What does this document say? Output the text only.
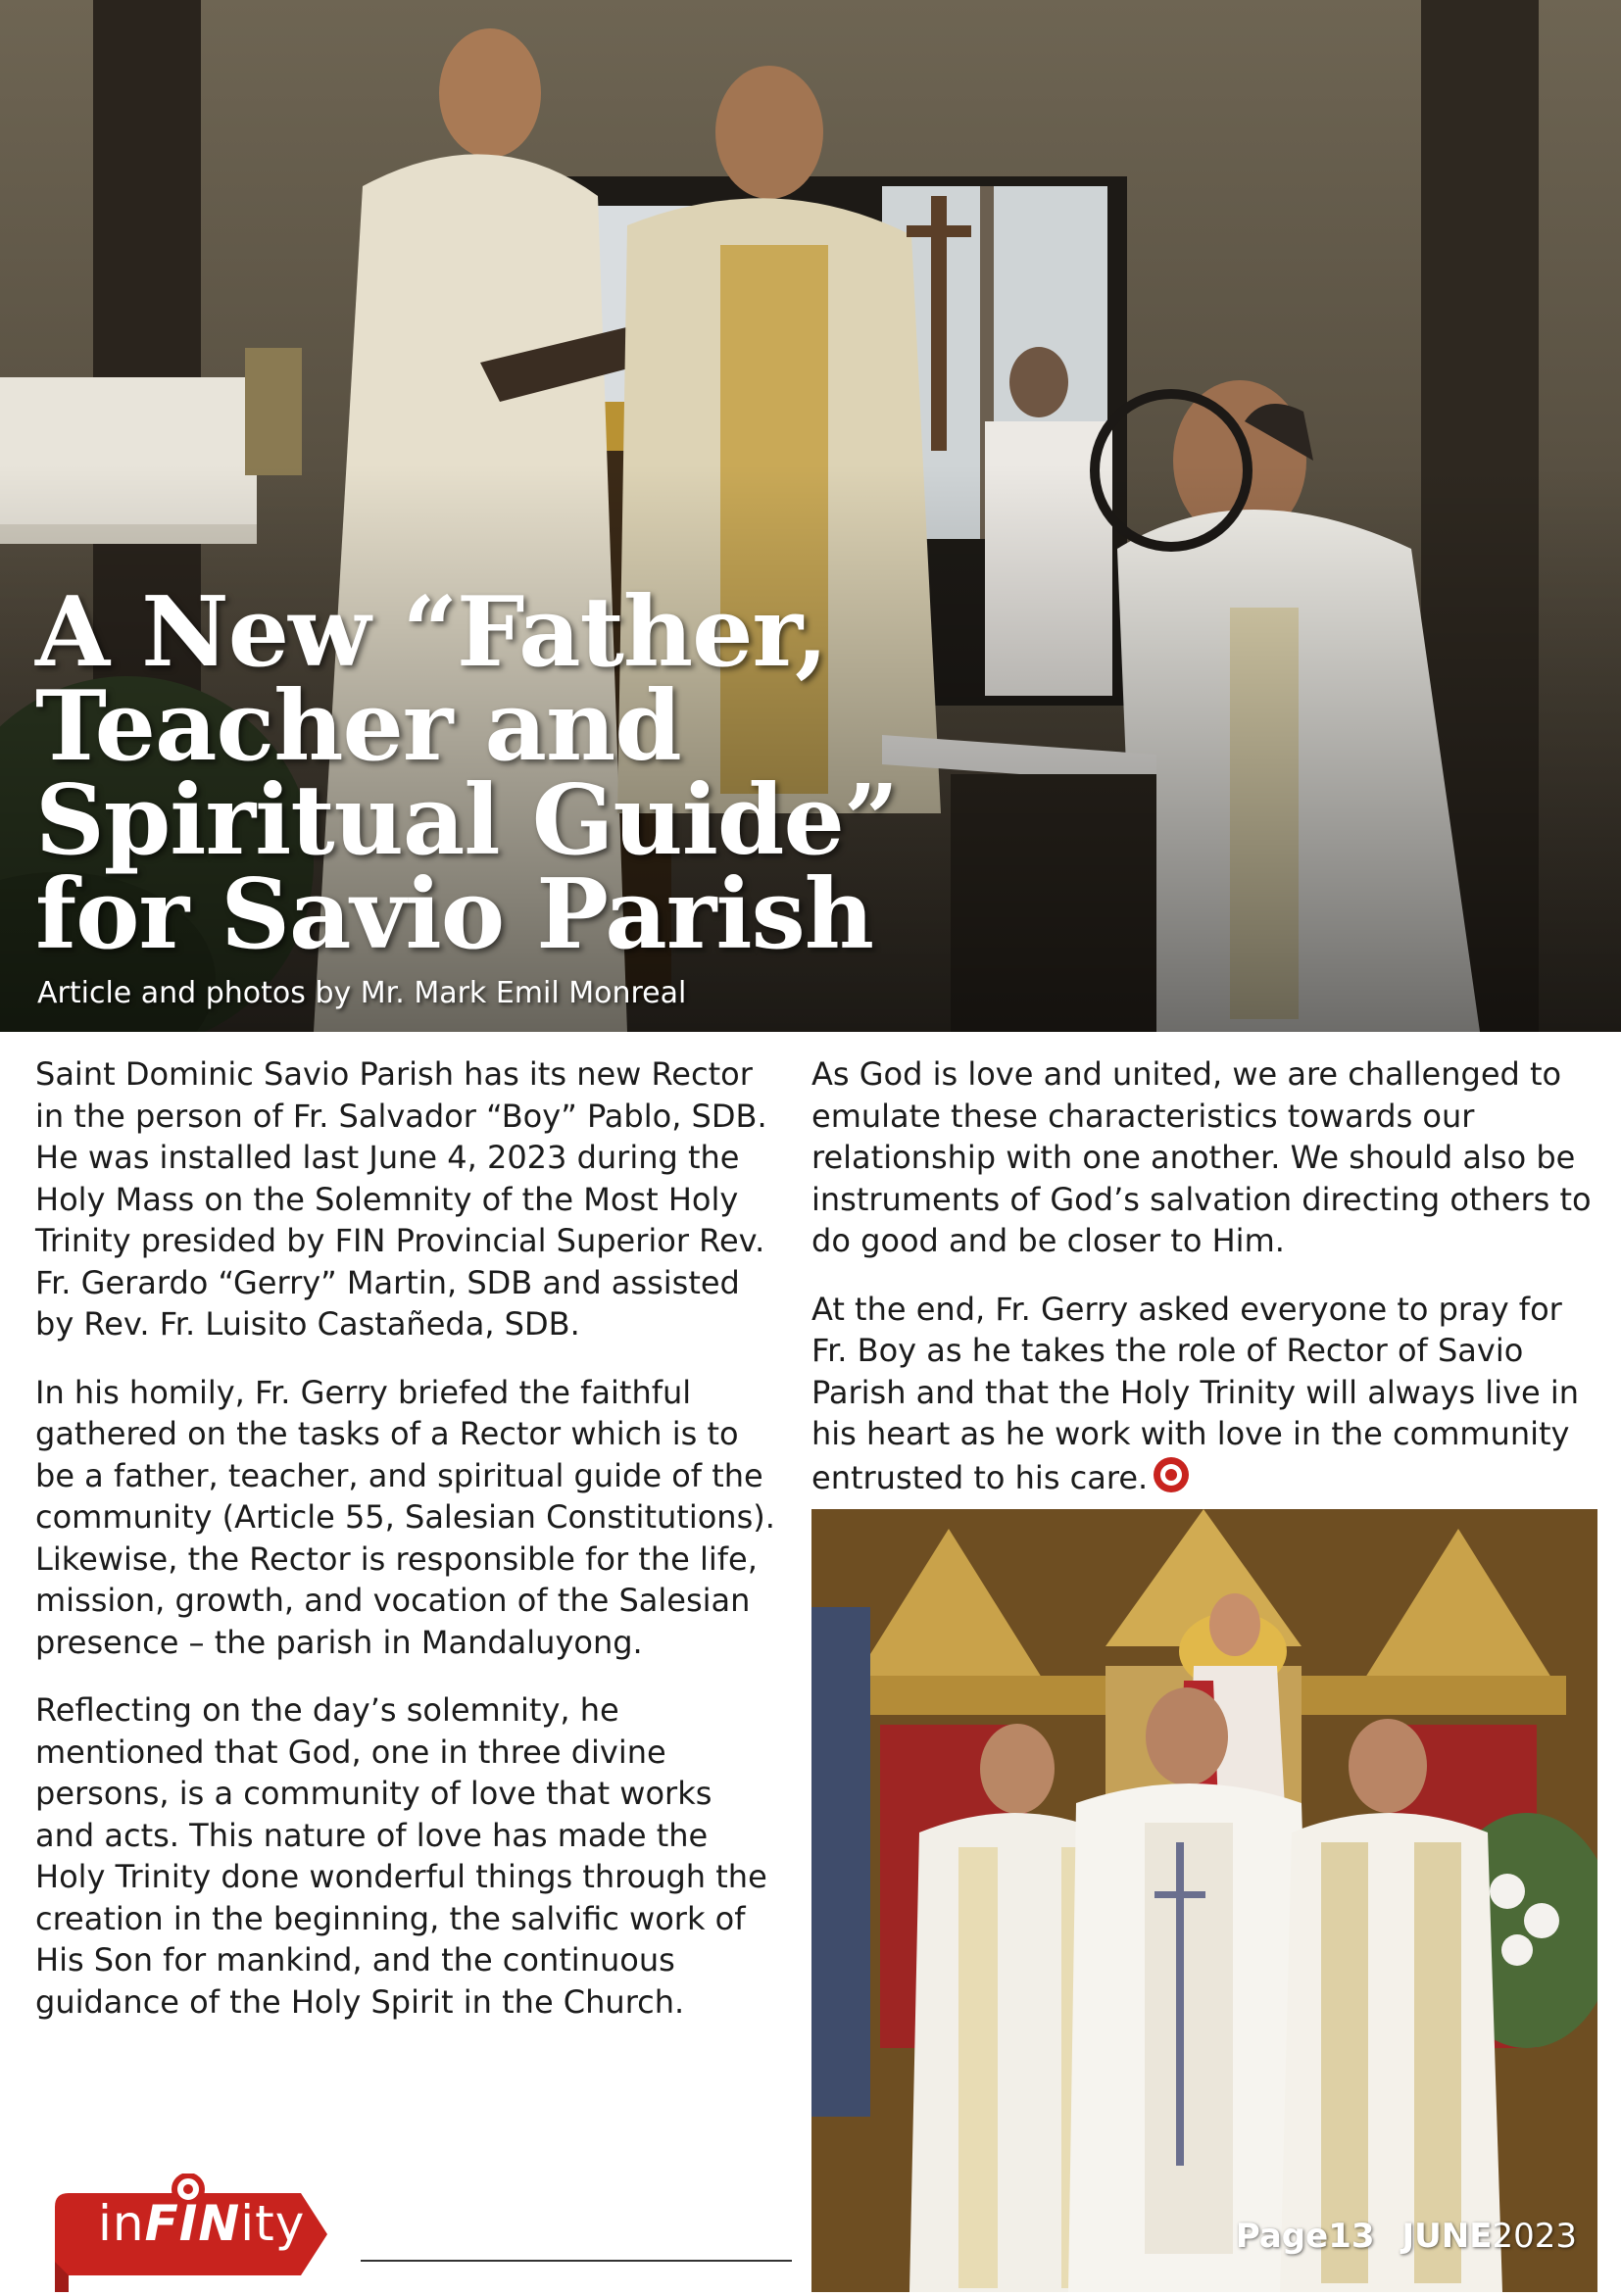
A New “Father,
Teacher and
Spiritual Guide”
for Savio Parish
Article and photos by Mr. Mark Emil Monreal

Saint Dominic Savio Parish has its new Rector in the person of Fr. Salvador “Boy” Pablo, SDB. He was installed last June 4, 2023 during the Holy Mass on the Solemnity of the Most Holy Trinity presided by FIN Provincial Superior Rev. Fr. Gerardo “Gerry” Martin, SDB and assisted by Rev. Fr. Luisito Castañeda, SDB.

In his homily, Fr. Gerry briefed the faithful gathered on the tasks of a Rector which is to be a father, teacher, and spiritual guide of the community (Article 55, Salesian Constitutions). Likewise, the Rector is responsible for the life, mission, growth, and vocation of the Salesian presence – the parish in Mandaluyong.

Reflecting on the day’s solemnity, he mentioned that God, one in three divine persons, is a community of love that works and acts. This nature of love has made the Holy Trinity done wonderful things through the creation in the beginning, the salvific work of His Son for mankind, and the continuous guidance of the Holy Spirit in the Church.

As God is love and united, we are challenged to emulate these characteristics towards our relationship with one another. We should also be instruments of God’s salvation directing others to do good and be closer to Him.

At the end, Fr. Gerry asked everyone to pray for Fr. Boy as he takes the role of Rector of Savio Parish and that the Holy Trinity will always live in his heart as he work with love in the community entrusted to his care.

inFINity	Page13 JUNE2023
